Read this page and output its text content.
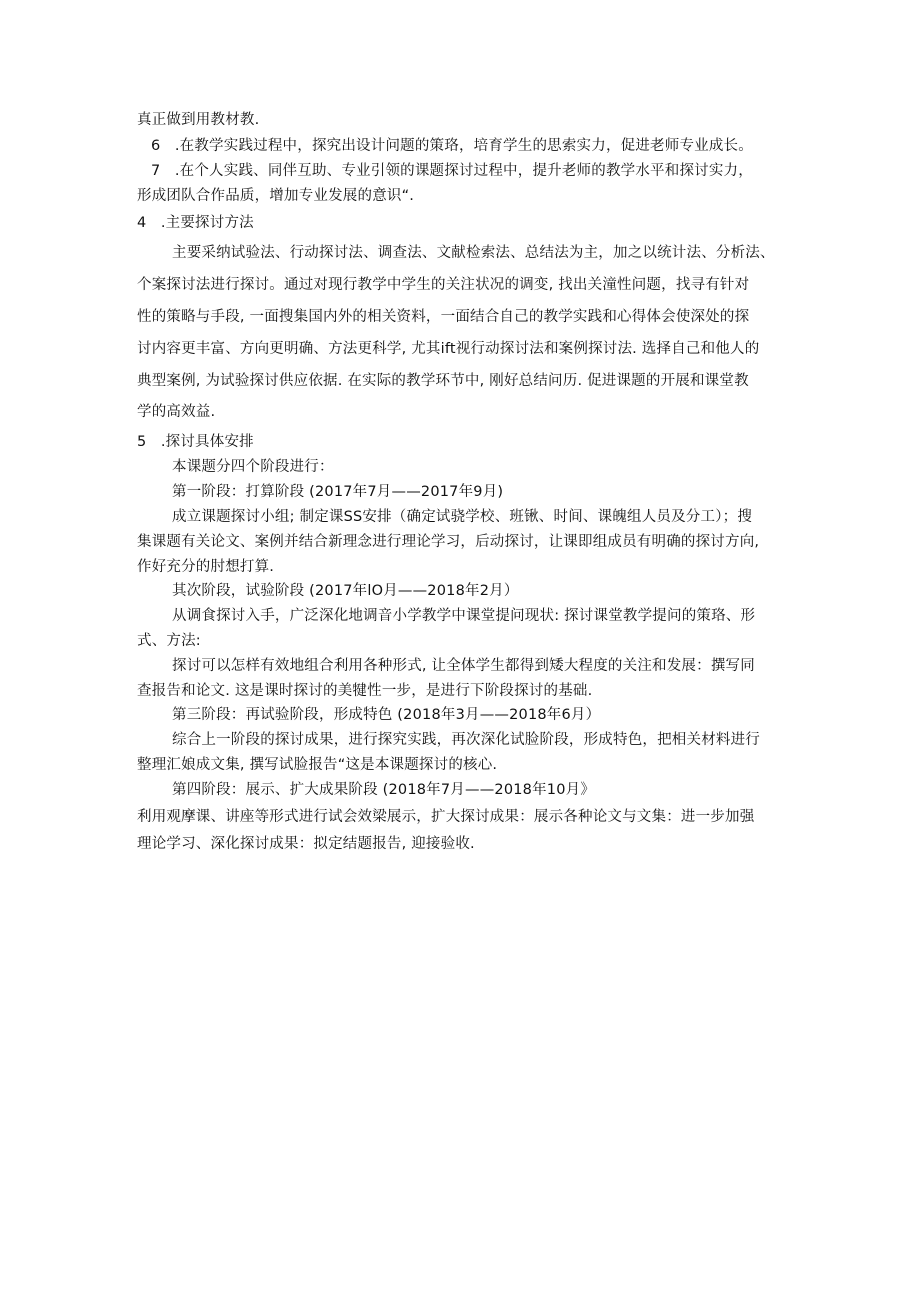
真正做到用教材教.
6   .在教学实践过程中，探究出设计问题的策珞，培育学生的思索实力，促进老师专业成长。
7   .在个人实践、同伴互助、专业引领的课题探讨过程中，提升老师的教学水平和探讨实力，
形成团队合作品质，增加专业发展的意识“.
4   .主要探讨方法
主要采纳试验法、行动探讨法、调查法、文献检索法、总结法为主，加之以统计法、分析法、
个案探讨法进行探讨。通过对现行教学中学生的关注状况的调变, 找出关潼性问题，找寻有针对
性的策略与手段, 一面搜集国内外的相关资料，一面结合自己的教学实践和心得体会使深处的探
讨内容更丰富、方向更明确、方法更科学, 尤其ift视行动探讨法和案例探讨法. 选择自己和他人的
典型案例, 为试验探讨供应依据. 在实际的教学环节中, 刚好总结问历. 促进课题的开展和课堂教
学的高效益.
5   .探讨具体安排
本课题分四个阶段进行：
第一阶段：打算阶段 (2017年7月——2017年9月)
成立课题探讨小组; 制定课SS安排（确定试骁学校、班锹、时间、课魄组人员及分工）；搜
集课题有关论文、案例并结合新理念进行理论学习，后动探讨，让课即组成员有明确的探讨方向,
作好充分的肘想打算.
其次阶段，试验阶段 (2017年lO月——2018年2月）
从调食探讨入手，广泛深化地调音小学教学中课堂提问现状: 探讨课堂教学提问的策珞、形
式、方法:
探讨可以怎样有效地组合利用各种形式, 让全体学生都得到矮大程度的关注和发展：撰写同
查报告和论文. 这是课时探讨的美犍性一步，是进行下阶段探讨的基础.
第三阶段：再试验阶段，形成特色 (2018年3月——2018年6月）
综合上一阶段的探讨成果，进行探究实践，再次深化试脸阶段，形成特色，把相关材料进行
整理汇娘成文集, 撰写试脸报告“这是本课题探讨的核心.
第四阶段：展示、扩大成果阶段 (2018年7月——2018年10月》
利用观摩课、讲座等形式进行试会效梁展示，扩大探讨成果：展示各种论文与文集：进一步加强
理论学习、深化探讨成果：拟定结题报告, 迎接验收.
